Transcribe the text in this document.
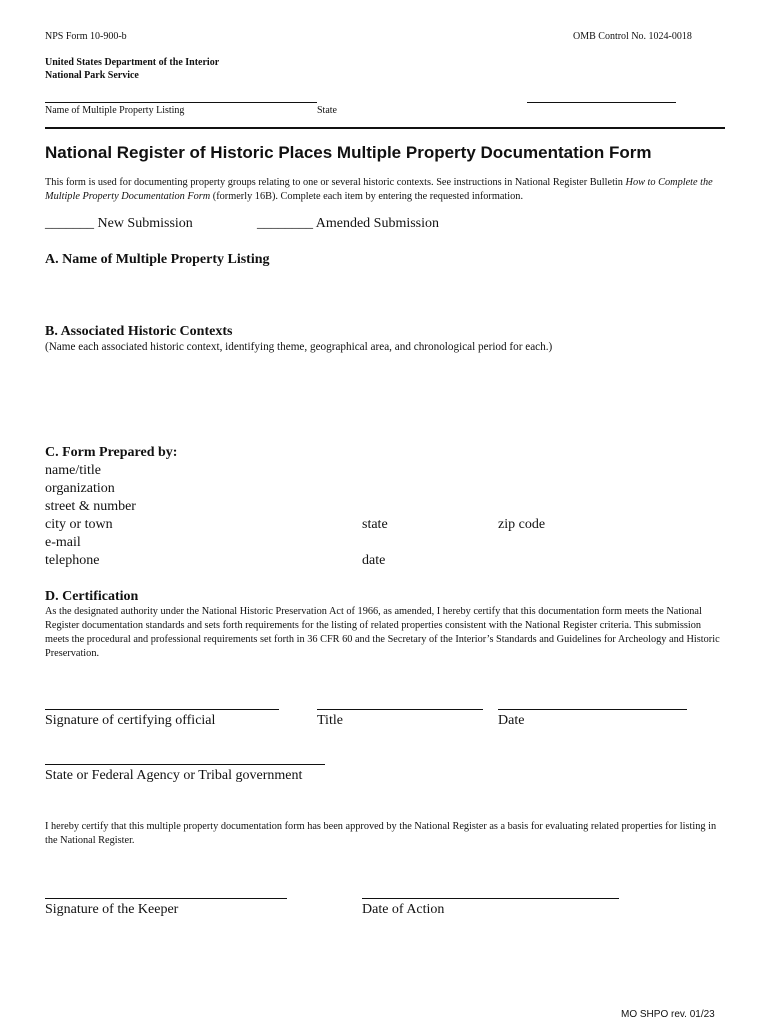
NPS Form 10-900-b	OMB Control No. 1024-0018
United States Department of the Interior
National Park Service
Name of Multiple Property Listing	State
National Register of Historic Places Multiple Property Documentation Form
This form is used for documenting property groups relating to one or several historic contexts. See instructions in National Register Bulletin How to Complete the Multiple Property Documentation Form (formerly 16B). Complete each item by entering the requested information.
_______ New Submission	________ Amended Submission
A. Name of Multiple Property Listing
B. Associated Historic Contexts
(Name each associated historic context, identifying theme, geographical area, and chronological period for each.)
C. Form Prepared by:
name/title
organization
street & number
city or town	state	zip code
e-mail
telephone	date
D. Certification
As the designated authority under the National Historic Preservation Act of 1966, as amended, I hereby certify that this documentation form meets the National Register documentation standards and sets forth requirements for the listing of related properties consistent with the National Register criteria. This submission meets the procedural and professional requirements set forth in 36 CFR 60 and the Secretary of the Interior’s Standards and Guidelines for Archeology and Historic Preservation.
Signature of certifying official	Title	Date
State or Federal Agency or Tribal government
I hereby certify that this multiple property documentation form has been approved by the National Register as a basis for evaluating related properties for listing in the National Register.
Signature of the Keeper	Date of Action
MO SHPO rev. 01/23
